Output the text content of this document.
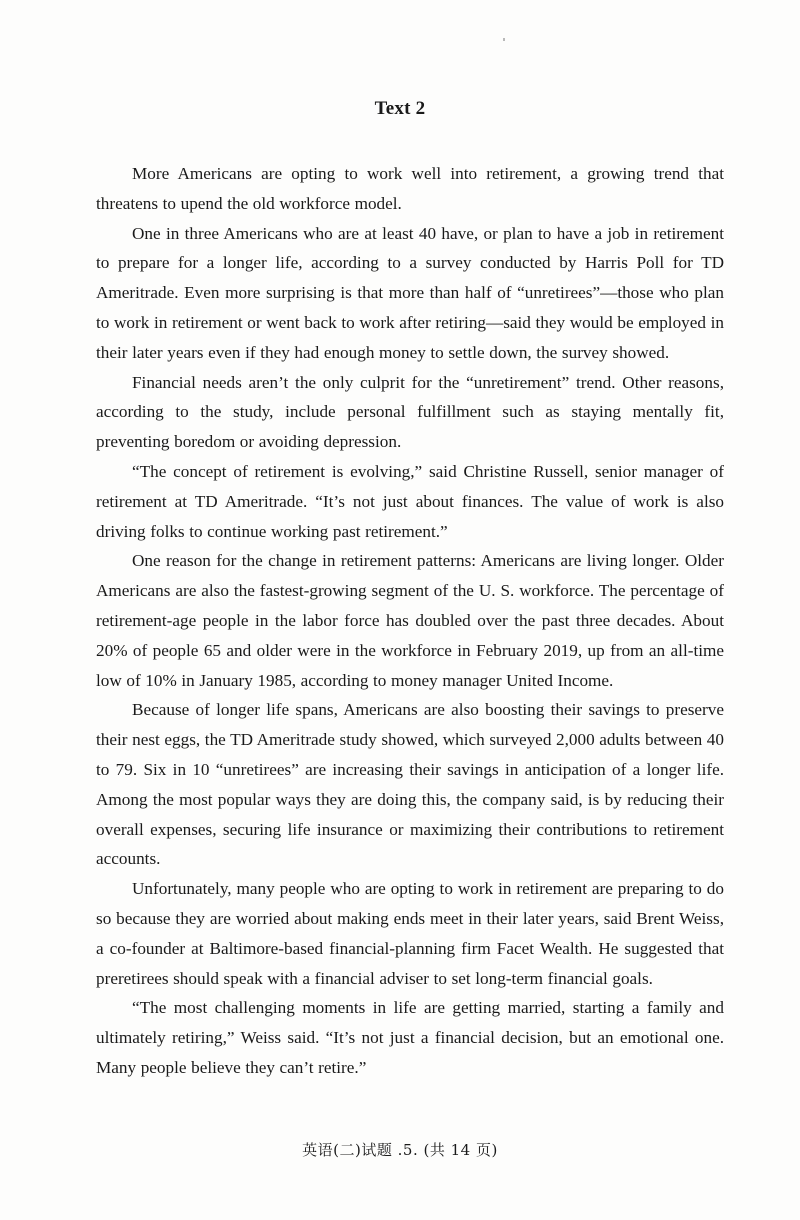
Text 2

More Americans are opting to work well into retirement, a growing trend that threatens to upend the old workforce model.

One in three Americans who are at least 40 have, or plan to have a job in retirement to prepare for a longer life, according to a survey conducted by Harris Poll for TD Ameritrade. Even more surprising is that more than half of “unretirees”—those who plan to work in retirement or went back to work after retiring—said they would be employed in their later years even if they had enough money to settle down, the survey showed.

Financial needs aren’t the only culprit for the “unretirement” trend. Other reasons, according to the study, include personal fulfillment such as staying mentally fit, preventing boredom or avoiding depression.

“The concept of retirement is evolving,” said Christine Russell, senior manager of retirement at TD Ameritrade. “It’s not just about finances. The value of work is also driving folks to continue working past retirement.”

One reason for the change in retirement patterns: Americans are living longer. Older Americans are also the fastest-growing segment of the U. S. workforce. The percentage of retirement-age people in the labor force has doubled over the past three decades. About 20% of people 65 and older were in the workforce in February 2019, up from an all-time low of 10% in January 1985, according to money manager United Income.

Because of longer life spans, Americans are also boosting their savings to preserve their nest eggs, the TD Ameritrade study showed, which surveyed 2,000 adults between 40 to 79. Six in 10 “unretirees” are increasing their savings in anticipation of a longer life. Among the most popular ways they are doing this, the company said, is by reducing their overall expenses, securing life insurance or maximizing their contributions to retirement accounts.

Unfortunately, many people who are opting to work in retirement are preparing to do so because they are worried about making ends meet in their later years, said Brent Weiss, a co-founder at Baltimore-based financial-planning firm Facet Wealth. He suggested that preretirees should speak with a financial adviser to set long-term financial goals.

“The most challenging moments in life are getting married, starting a family and ultimately retiring,” Weiss said. “It’s not just a financial decision, but an emotional one. Many people believe they can’t retire.”

英语(二)试题 .5. (共 14 页)
